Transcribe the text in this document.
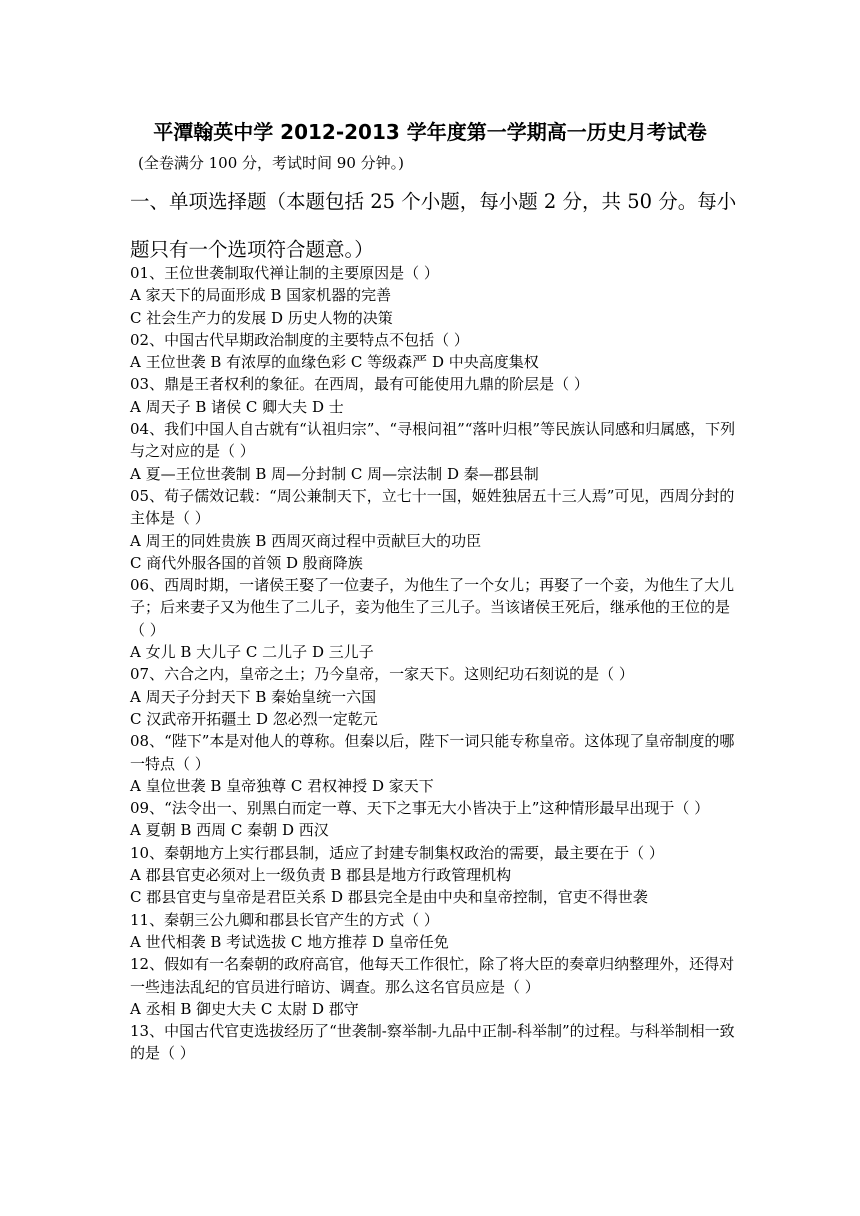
平潭翰英中学 2012-2013 学年度第一学期高一历史月考试卷
(全卷满分 100 分，考试时间 90 分钟。)
一、单项选择题（本题包括 25 个小题，每小题 2 分，共 50 分。每小题只有一个选项符合题意。）
01、王位世袭制取代禅让制的主要原因是（ ）
A 家天下的局面形成 B 国家机器的完善
C 社会生产力的发展 D 历史人物的决策
02、中国古代早期政治制度的主要特点不包括（ ）
A 王位世袭 B 有浓厚的血缘色彩 C 等级森严 D 中央高度集权
03、鼎是王者权利的象征。在西周，最有可能使用九鼎的阶层是（ ）
A 周天子 B 诸侯 C 卿大夫 D 士
04、我们中国人自古就有“认祖归宗”、“寻根问祖”“落叶归根”等民族认同感和归属感，下列与之对应的是（ ）
A 夏—王位世袭制 B 周—分封制 C 周—宗法制 D 秦—郡县制
05、荀子儒效记载：“周公兼制天下，立七十一国，姬姓独居五十三人焉”可见，西周分封的主体是（ ）
A 周王的同姓贵族 B 西周灭商过程中贡献巨大的功臣
C 商代外服各国的首领 D 殷商降族
06、西周时期，一诸侯王娶了一位妻子，为他生了一个女儿；再娶了一个妾，为他生了大儿子；后来妻子又为他生了二儿子，妾为他生了三儿子。当该诸侯王死后，继承他的王位的是（ ）
A 女儿 B 大儿子 C 二儿子 D 三儿子
07、六合之内，皇帝之土；乃今皇帝，一家天下。这则纪功石刻说的是（ ）
A 周天子分封天下 B 秦始皇统一六国
C 汉武帝开拓疆土 D 忽必烈一定乾元
08、“陛下”本是对他人的尊称。但秦以后，陛下一词只能专称皇帝。这体现了皇帝制度的哪一特点（ ）
A 皇位世袭 B 皇帝独尊 C 君权神授 D 家天下
09、“法令出一、别黑白而定一尊、天下之事无大小皆决于上”这种情形最早出现于（ ）
A 夏朝 B 西周 C 秦朝 D 西汉
10、秦朝地方上实行郡县制，适应了封建专制集权政治的需要，最主要在于（ ）
A 郡县官吏必须对上一级负责 B 郡县是地方行政管理机构
C 郡县官吏与皇帝是君臣关系 D 郡县完全是由中央和皇帝控制，官吏不得世袭
11、秦朝三公九卿和郡县长官产生的方式（ ）
A 世代相袭 B 考试选拔 C 地方推荐 D 皇帝任免
12、假如有一名秦朝的政府高官，他每天工作很忙，除了将大臣的奏章归纳整理外，还得对一些违法乱纪的官员进行暗访、调查。那么这名官员应是（ ）
A 丞相 B 御史大夫 C 太尉 D 郡守
13、中国古代官吏选拔经历了“世袭制-察举制-九品中正制-科举制”的过程。与科举制相一致的是（ ）
